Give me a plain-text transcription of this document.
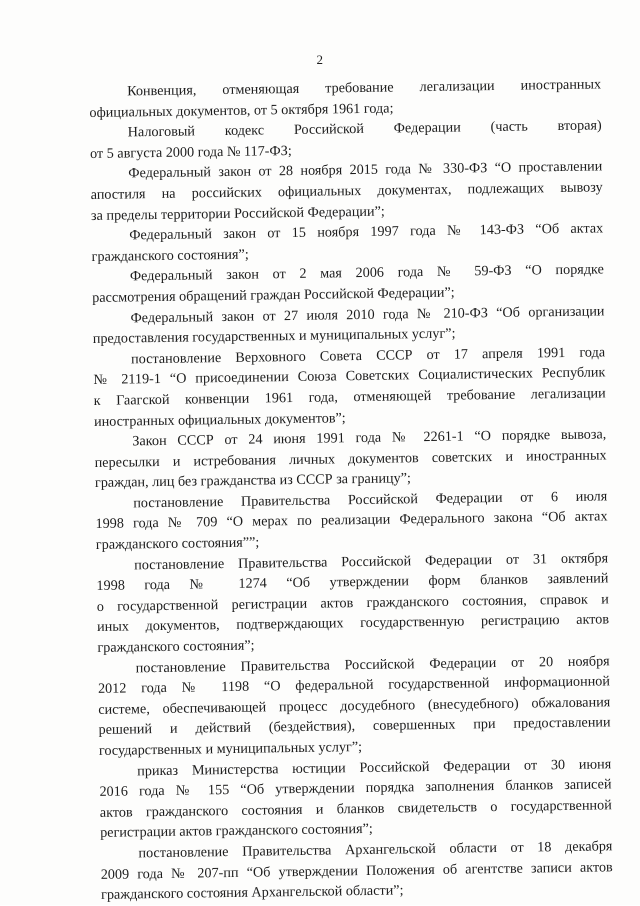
2
Конвенция, отменяющая требование легализации иностранных
официальных документов, от 5 октября 1961 года;
Налоговый кодекс Российской Федерации (часть вторая)
от 5 августа 2000 года № 117-ФЗ;
Федеральный закон от 28 ноября 2015 года № 330-ФЗ “О проставлении
апостиля на российских официальных документах, подлежащих вывозу
за пределы территории Российской Федерации”;
Федеральный закон от 15 ноября 1997 года № 143-ФЗ “Об актах
гражданского состояния”;
Федеральный закон от 2 мая 2006 года № 59-ФЗ “О порядке
рассмотрения обращений граждан Российской Федерации”;
Федеральный закон от 27 июля 2010 года № 210-ФЗ “Об организации
предоставления государственных и муниципальных услуг”;
постановление Верховного Совета СССР от 17 апреля 1991 года
№ 2119-1 “О присоединении Союза Советских Социалистических Республик
к Гаагской конвенции 1961 года, отменяющей требование легализации
иностранных официальных документов”;
Закон СССР от 24 июня 1991 года № 2261-1 “О порядке вывоза,
пересылки и истребования личных документов советских и иностранных
граждан, лиц без гражданства из СССР за границу”;
постановление Правительства Российской Федерации от 6 июля
1998 года № 709 “О мерах по реализации Федерального закона “Об актах
гражданского состояния””;
постановление Правительства Российской Федерации от 31 октября
1998 года № 1274 “Об утверждении форм бланков заявлений
о государственной регистрации актов гражданского состояния, справок и
иных документов, подтверждающих государственную регистрацию актов
гражданского состояния”;
постановление Правительства Российской Федерации от 20 ноября
2012 года № 1198 “О федеральной государственной информационной
системе, обеспечивающей процесс досудебного (внесудебного) обжалования
решений и действий (бездействия), совершенных при предоставлении
государственных и муниципальных услуг”;
приказ Министерства юстиции Российской Федерации от 30 июня
2016 года № 155 “Об утверждении порядка заполнения бланков записей
актов гражданского состояния и бланков свидетельств о государственной
регистрации актов гражданского состояния”;
постановление Правительства Архангельской области от 18 декабря
2009 года № 207-пп “Об утверждении Положения об агентстве записи актов
гражданского состояния Архангельской области”;
